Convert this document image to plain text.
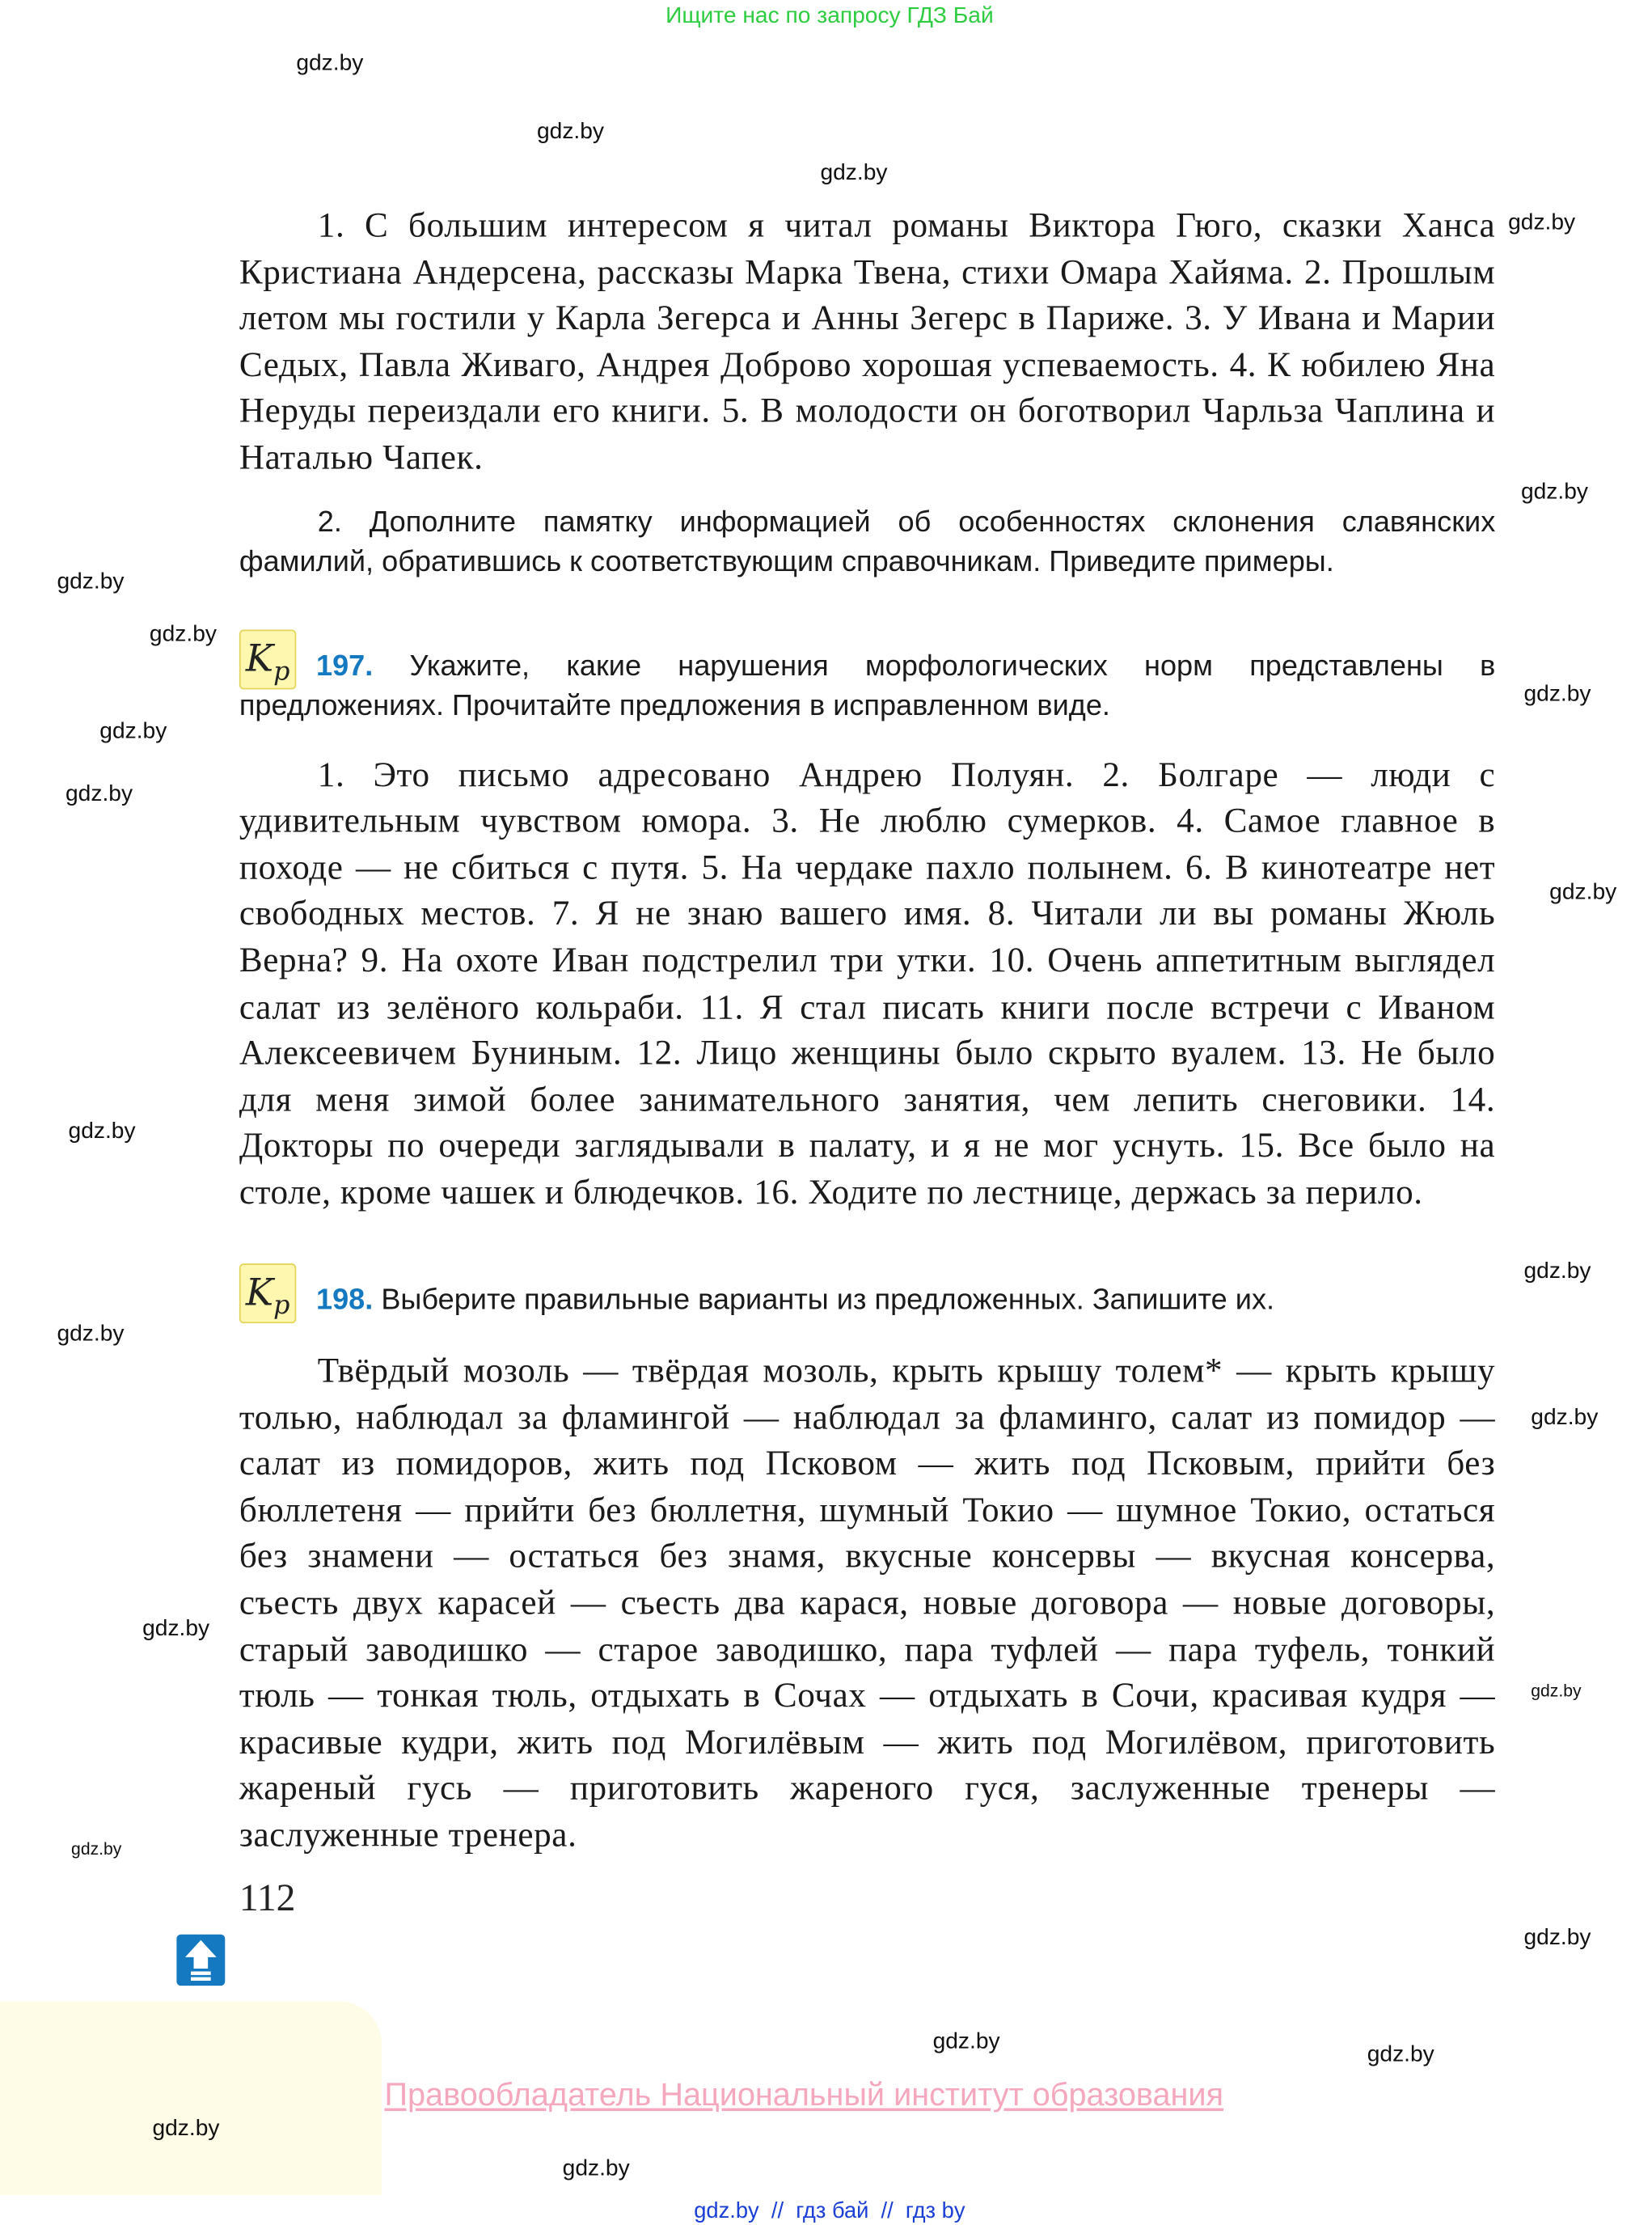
Ищите нас по запросу ГДЗ Бай
1. С большим интересом я читал романы Виктора Гюго, сказки Ханса Кристиана Андерсена, рассказы Марка Твена, стихи Омара Хайяма. 2. Прошлым летом мы гостили у Карла Зегерса и Анны Зегерс в Париже. 3. У Ивана и Марии Седых, Павла Живаго, Андрея Доброво хорошая успеваемость. 4. К юбилею Яна Неруды переиздали его книги. 5. В молодости он боготворил Чарльза Чаплина и Наталью Чапек.
2. Дополните памятку информацией об особенностях склонения славянских фамилий, обратившись к соответствующим справочникам. Приведите примеры.
$K_p$	197. Укажите, какие нарушения морфологических норм представлены в предложениях. Прочитайте предложения в исправленном виде.
1. Это письмо адресовано Андрею Полуян. 2. Болгаре — люди с удивительным чувством юмора. 3. Не люблю сумерков. 4. Самое главное в походе — не сбиться с путя. 5. На чердаке пахло полынем. 6. В кинотеатре нет свободных местов. 7. Я не знаю вашего имя. 8. Читали ли вы романы Жюль Верна? 9. На охоте Иван подстрелил три утки. 10. Очень аппетитным выглядел салат из зелёного кольраби. 11. Я стал писать книги после встречи с Иваном Алексеевичем Буниным. 12. Лицо женщины было скрыто вуалем. 13. Не было для меня зимой более занимательного занятия, чем лепить снеговики. 14. Докторы по очереди заглядывали в палату, и я не мог уснуть. 15. Все было на столе, кроме чашек и блюдечков. 16. Ходите по лестнице, держась за перило.
$K_p$	198. Выберите правильные варианты из предложенных. Запишите их.
Твёрдый мозоль — твёрдая мозоль, крыть крышу толем* — крыть крышу толью, наблюдал за фламингой — наблюдал за фламинго, салат из помидор — салат из помидоров, жить под Псковом — жить под Псковым, прийти без бюллетеня — прийти без бюллетня, шумный Токио — шумное Токио, остаться без знамени — остаться без знамя, вкусные консервы — вкусная консерва, съесть двух карасей — съесть два карася, новые договора — новые договоры, старый заводишко — старое заводишко, пара туфлей — пара туфель, тонкий тюль — тонкая тюль, отдыхать в Сочах — отдыхать в Сочи, красивая кудря — красивые кудри, жить под Могилёвым — жить под Могилёвом, приготовить жареный гусь — приготовить жареного гуся, заслуженные тренеры — заслуженные тренера.
112
Правообладатель Национальный институт образования
gdz.by  //  гдз бай  //  гдз by
gdz.by
gdz.by
gdz.by
gdz.by
gdz.by
gdz.by
gdz.by
gdz.by
gdz.by
gdz.by
gdz.by
gdz.by
gdz.by
gdz.by
gdz.by
gdz.by
gdz.by
gdz.by
gdz.by
gdz.by
gdz.by
gdz.by
gdz.by
